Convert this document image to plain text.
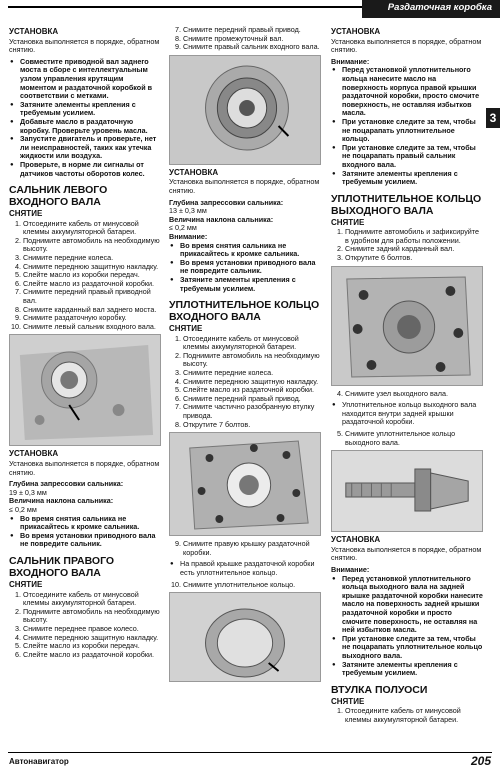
Раздаточная коробка
3
УСТАНОВКА

Установка выполняется в порядке, обратном снятию.

● Совместите приводной вал заднего моста в сборе с интеллектуальным узлом управления крутящим моментом и раздаточной коробкой в соответствии с метками.
● Затяните элементы крепления с требуемым усилием.
● Добавьте масло в раздаточную коробку. Проверьте уровень масла.
● Запустите двигатель и проверьте, нет ли неисправностей, таких как утечка жидкости или воздуха.
● Проверьте, в норме ли сигналы от датчиков частоты оборотов колес.
САЛЬНИК ЛЕВОГО ВХОДНОГО ВАЛА
СНЯТИЕ
1. Отсоедините кабель от минусовой клеммы аккумуляторной батареи.
2. Поднимите автомобиль на необходимую высоту.
3. Снимите передние колеса.
4. Снимите переднюю защитную накладку.
5. Слейте масло из коробки передач.
6. Слейте масло из раздаточной коробки.
7. Снимите передний правый приводной вал.
8. Снимите карданный вал заднего моста.
9. Снимите раздаточную коробку.
10. Снимите левый сальник входного вала.
УСТАНОВКА

Установка выполняется в порядке, обратном снятию.

Глубина запрессовки сальника:
19 ± 0,3 мм
Величина наклона сальника:
≤ 0,2 мм
● Во время снятия сальника не прикасайтесь к кромке сальника.
● Во время установки приводного вала не повредите сальник.
САЛЬНИК ПРАВОГО ВХОДНОГО ВАЛА
СНЯТИЕ
1. Отсоедините кабель от минусовой клеммы аккумуляторной батареи.
2. Поднимите автомобиль на необходимую высоту.
3. Снимите переднее правое колесо.
4. Снимите переднюю защитную накладку.
5. Слейте масло из коробки передач.
6. Слейте масло из раздаточной коробки.
7. Снимите передний правый привод.
8. Снимите промежуточный вал.
9. Снимите правый сальник входного вала.
УСТАНОВКА

Установка выполняется в порядке, обратном снятию.

Глубина запрессовки сальника:
13 ± 0,3 мм
Величина наклона сальника:
≤ 0,2 мм
Внимание:
● Во время снятия сальника не прикасайтесь к кромке сальника.
● Во время установки приводного вала не повредите сальник.
● Затяните элементы крепления с требуемым усилием.
УПЛОТНИТЕЛЬНОЕ КОЛЬЦО ВХОДНОГО ВАЛА
СНЯТИЕ
1. Отсоедините кабель от минусовой клеммы аккумуляторной батареи.
2. Поднимите автомобиль на необходимую высоту.
3. Снимите передние колеса.
4. Снимите переднюю защитную накладку.
5. Слейте масло из раздаточной коробки.
6. Снимите передний правый привод.
7. Снимите частично разобранную втулку привода.
8. Открутите 7 болтов.
9. Снимите правую крышку раздаточной коробки.
● На правой крышке раздаточной коробки есть уплотнительное кольцо.
10. Снимите уплотнительное кольцо.
УСТАНОВКА

Установка выполняется в порядке, обратном снятию.

Внимание:
● Перед установкой уплотнительного кольца нанесите масло на поверхность корпуса правой крышки раздаточной коробки, просто смочите поверхность, не оставляя избытков масла.
● При установке следите за тем, чтобы не поцарапать уплотнительное кольцо.
● При установке следите за тем, чтобы не поцарапать правый сальник входного вала.
● Затяните элементы крепления с требуемым усилием.
УПЛОТНИТЕЛЬНОЕ КОЛЬЦО ВЫХОДНОГО ВАЛА
СНЯТИЕ
1. Поднимите автомобиль и зафиксируйте в удобном для работы положении.
2. Снимите задний карданный вал.
3. Открутите 6 болтов.
4. Снимите узел выходного вала.
● Уплотнительное кольцо выходного вала находится внутри задней крышки раздаточной коробки.
5. Снимите уплотнительное кольцо выходного вала.
УСТАНОВКА

Установка выполняется в порядке, обратном снятию.

Внимание:
● Перед установкой уплотнительного кольца выходного вала на задней крышке раздаточной коробки нанесите масло на поверхность задней крышки раздаточной коробки и просто смочите поверхность, не оставляя на ней избытков масла.
● При установке следите за тем, чтобы не поцарапать уплотнительное кольцо выходного вала.
● Затяните элементы крепления с требуемым усилием.
ВТУЛКА ПОЛУОСИ
СНЯТИЕ
1. Отсоедините кабель от минусовой клеммы аккумуляторной батареи.
Автонавигатор	205
